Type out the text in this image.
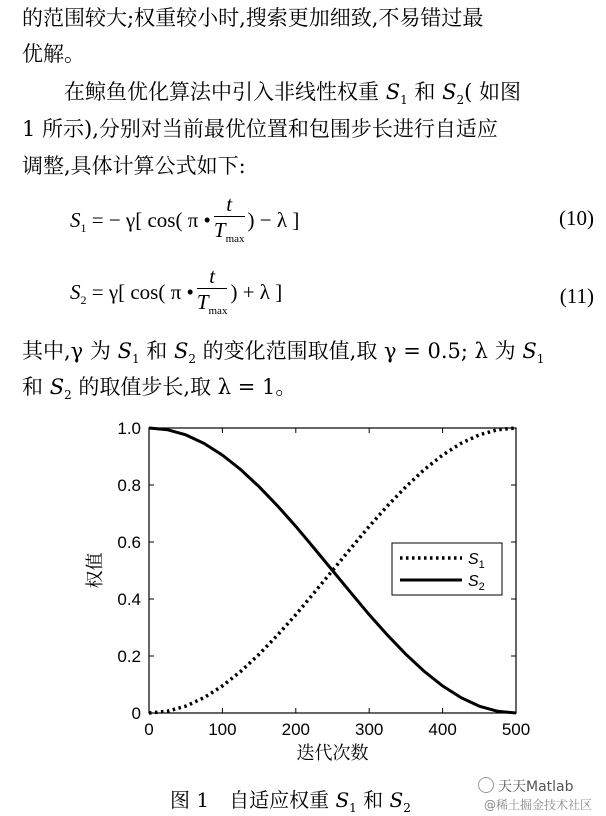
的范围较大;权重较小时,搜索更加细致,不易错过最
优解。
在鲸鱼优化算法中引入非线性权重 $S_1$ 和 $S_2$( 如图
1 所示),分别对当前最优位置和包围步长进行自适应
调整,具体计算公式如下:
$S_1$ = − γ[ cos( π • $\frac{t}{T_{max}}$ ) − λ ]	(10)
$S_2 = \gamma$[ cos( π • $\frac{t}{T_{max}}$ ) + λ ]	(11)
其中,γ 为 $S_1$ 和 $S_2$ 的变化范围取值,取 γ = 0.5; λ 为 $S_1$
和 $S_2$ 的取值步长,取 λ = 1。
0	100	200	300	400	500
0
0.2
0.4
0.6
0.8
1.0
迭代次数
权值	$S_1$
$S_2$
图 1　自适应权重 $S_1$ 和 $S_2$
天天Matlab
@稀土掘金技术社区
